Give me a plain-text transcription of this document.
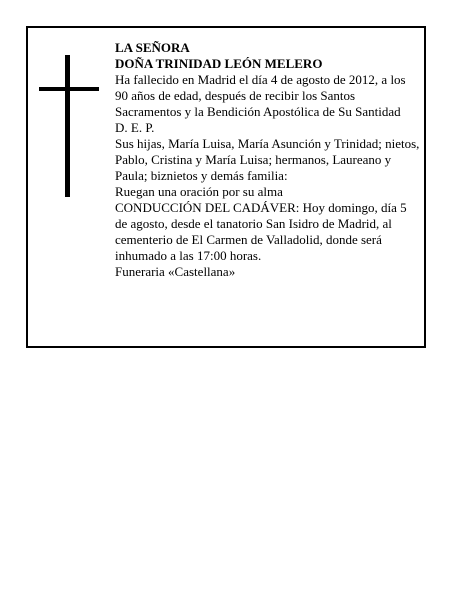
LA SEÑORA
DOÑA TRINIDAD LEÓN MELERO
Ha fallecido en Madrid el día 4 de agosto de 2012, a los 90 años de edad, después de recibir los Santos Sacramentos y la Bendición Apostólica de Su Santidad
D. E. P.
Sus hijas, María Luisa, María Asunción y Trinidad; nietos, Pablo, Cristina y María Luisa; hermanos, Laureano y Paula; biznietos y demás familia:
Ruegan una oración por su alma
CONDUCCIÓN DEL CADÁVER: Hoy domingo, día 5 de agosto, desde el tanatorio San Isidro de Madrid, al cementerio de El Carmen de Valladolid, donde será inhumado a las 17:00 horas.
Funeraria «Castellana»
